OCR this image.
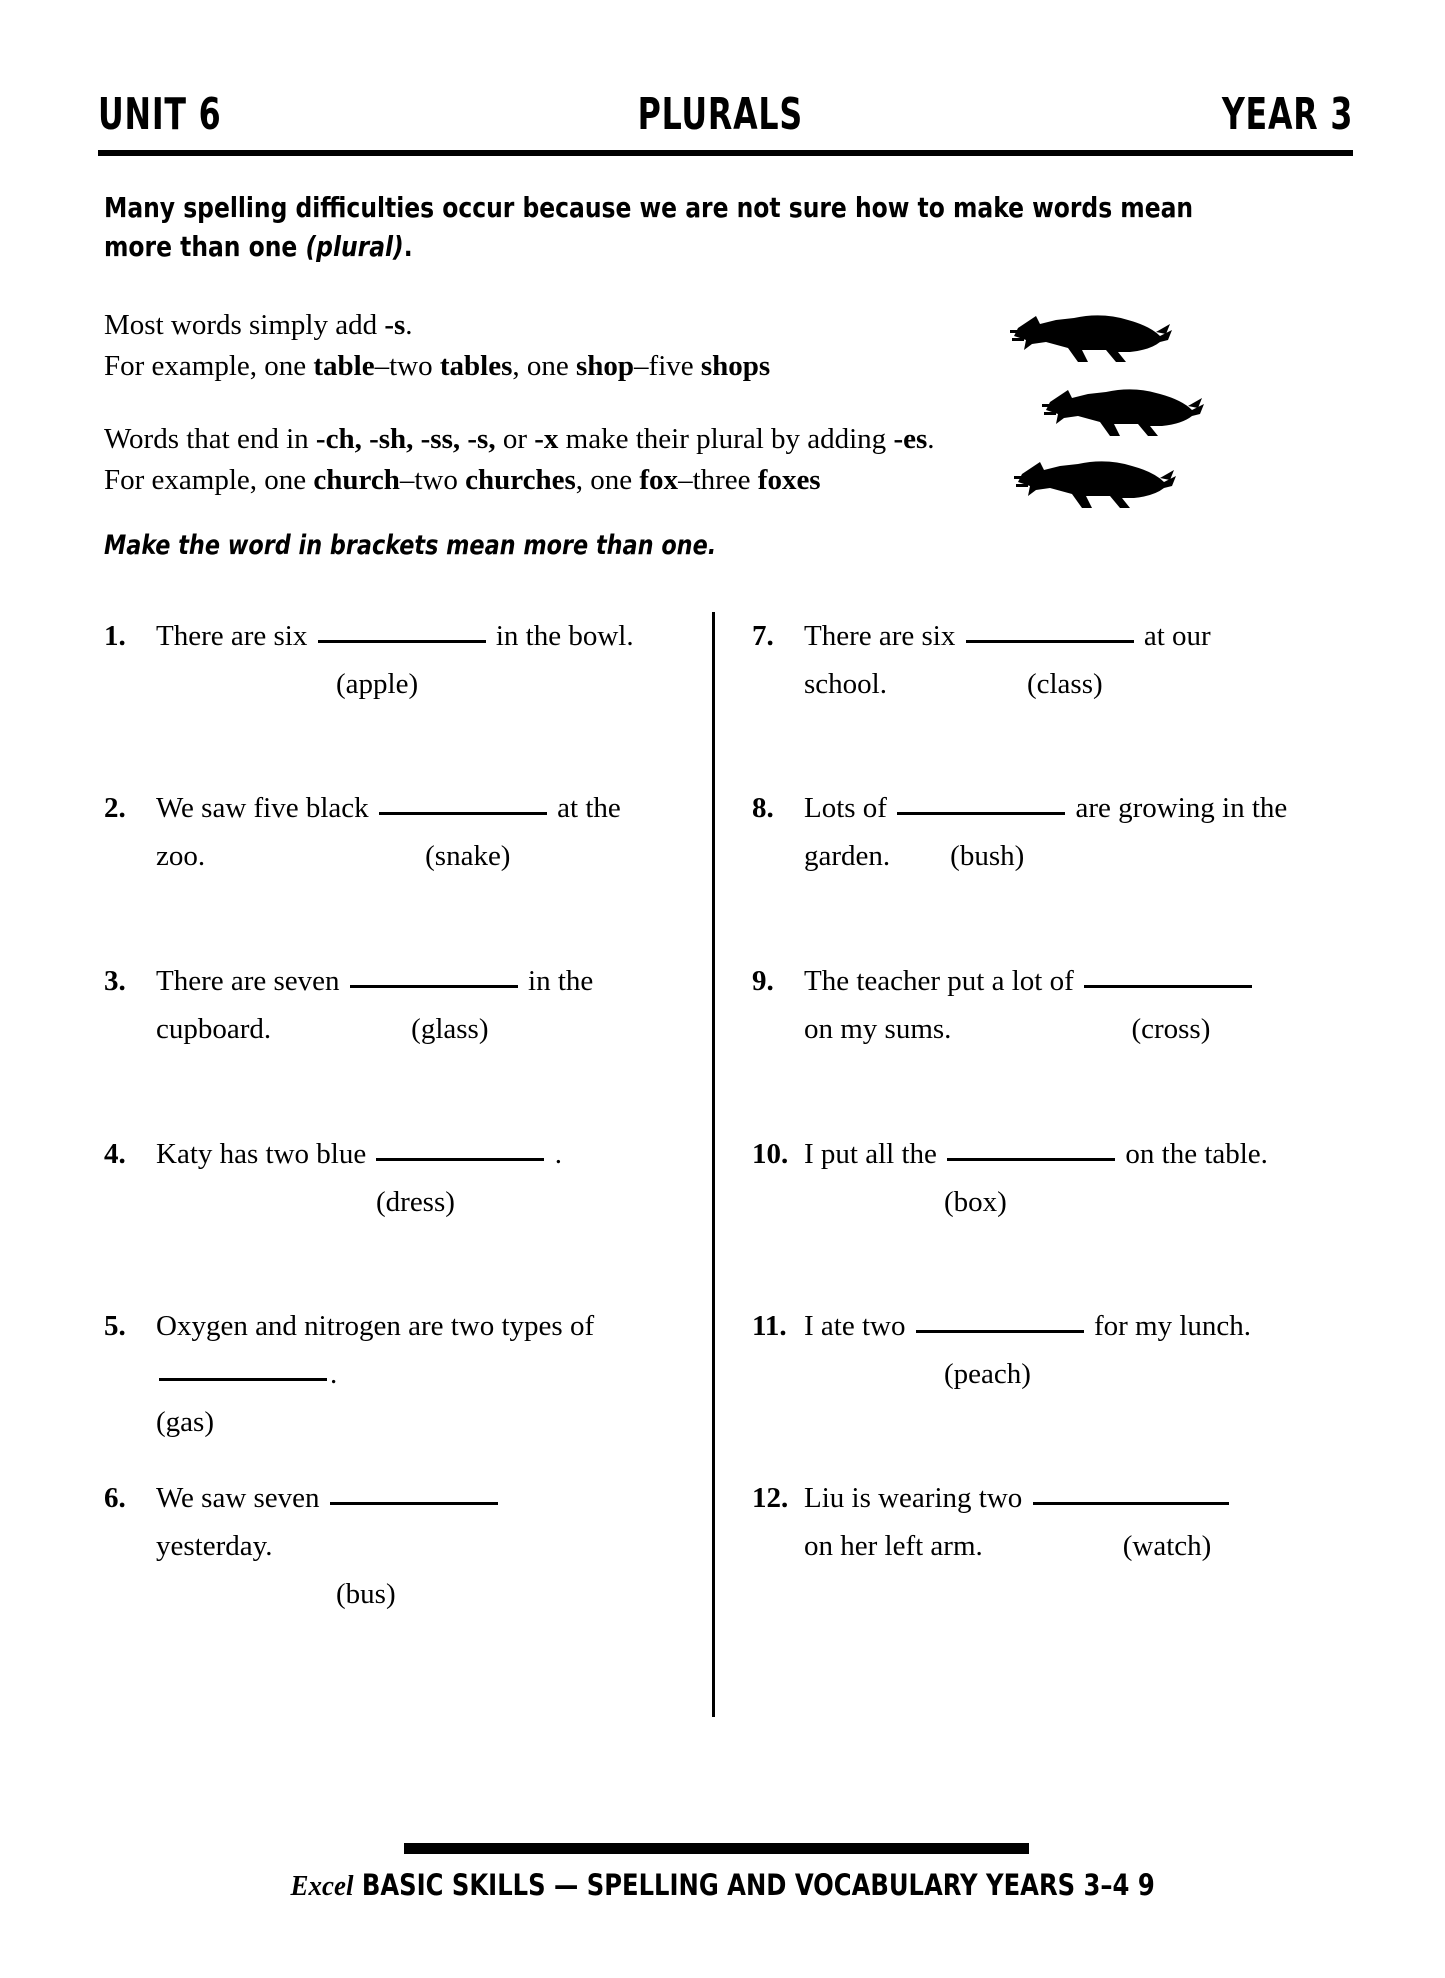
UNIT 6	PLURALS	YEAR 3
Many spelling difficulties occur because we are not sure how to make words mean
more than one (plural).
Most words simply add -s.
For example, one table–two tables, one shop–five shops
Words that end in -ch, -sh, -ss, -s, or -x make their plural by adding -es.
For example, one church–two churches, one fox–three foxes
Make the word in brackets mean more than one.
1.	There are six	in the bowl.
(apple)
2.	We saw five black	at the
zoo.	(snake)
3.	There are seven	in the
cupboard.	(glass)
4.	Katy has two blue	.
(dress)
5.	Oxygen and nitrogen are two types of
.
(gas)
6.	We saw seven
yesterday.
(bus)
7.	There are six	at our
school.	(class)
8.	Lots of	are growing in the
garden. (bush)
9.	The teacher put a lot of
on my sums.	(cross)
10. I put all the	on the table.
(box)
11. I ate two	for my lunch.
(peach)
12. Liu is wearing two
on her left arm.	(watch)
Excel BASIC SKILLS — SPELLING AND VOCABULARY YEARS 3–4 9
